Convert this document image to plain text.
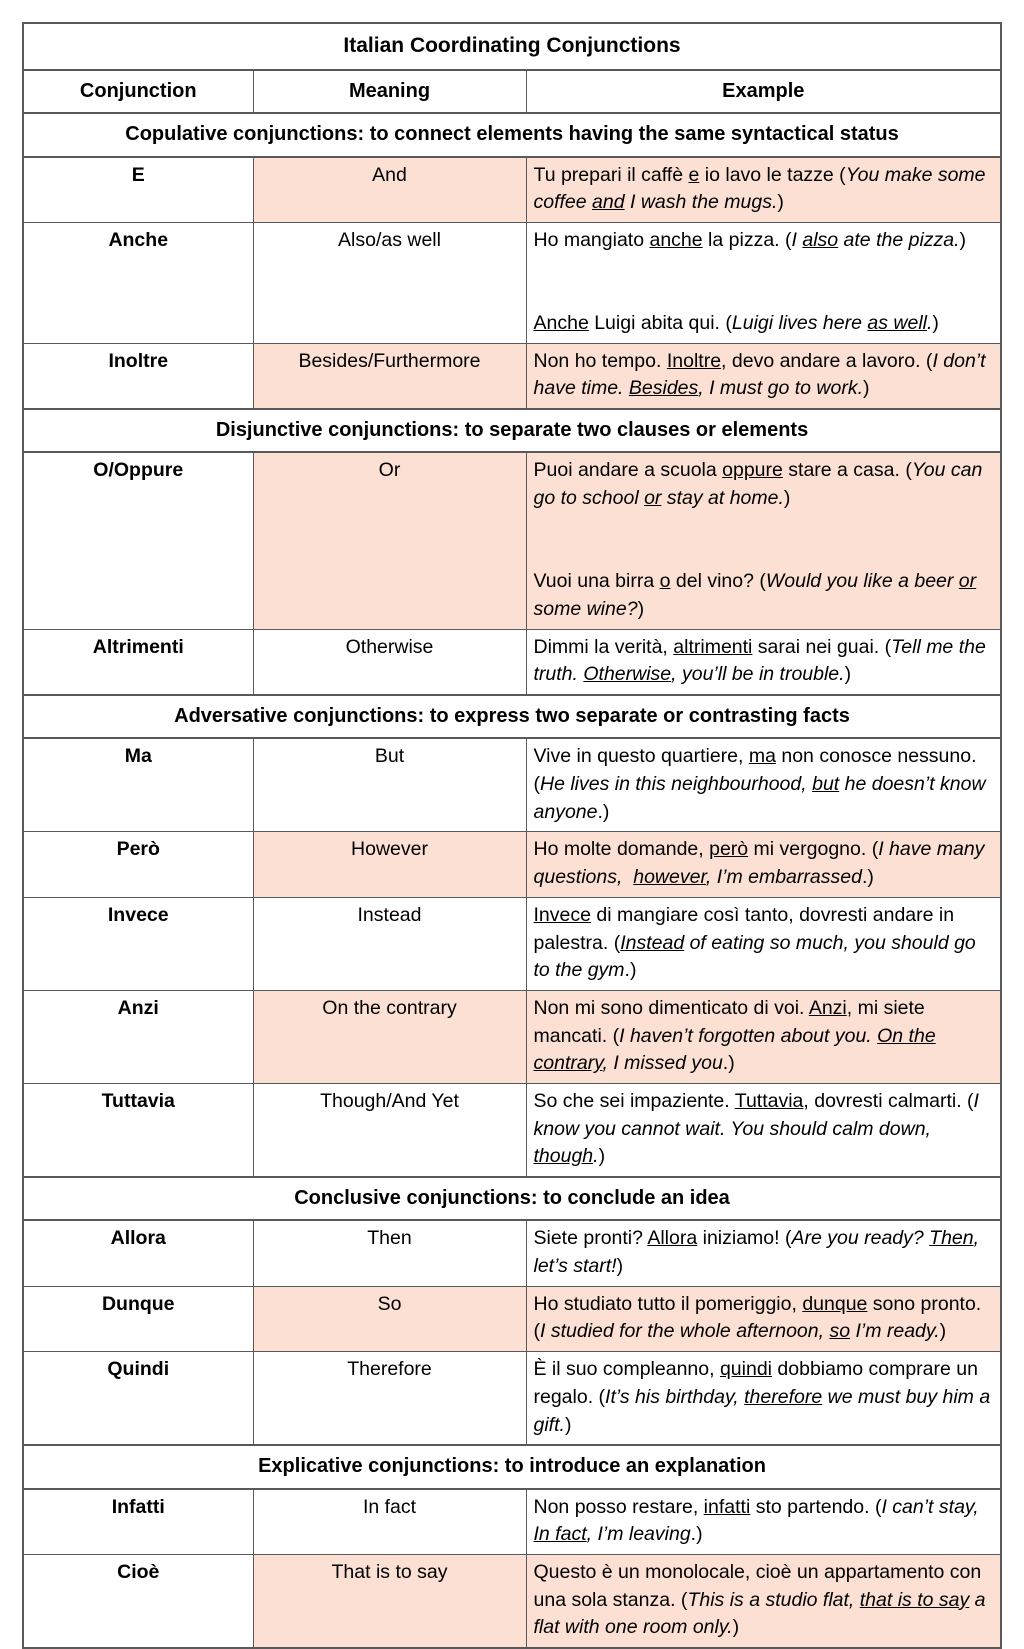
Italian Coordinating Conjunctions		
Conjunction	Meaning	Example
Copulative conjunctions: to connect elements having the same syntactical status		
E	And	Tu prepari il caffè e io lavo le tazze (You make some coffee and I wash the mugs.)
Anche	Also/as well	Ho mangiato anche la pizza. (I also ate the pizza.)
Anche Luigi abita qui. (Luigi lives here as well.)
Inoltre	Besides/Furthermore	Non ho tempo. Inoltre, devo andare a lavoro. (I don’t have time. Besides, I must go to work.)
Disjunctive conjunctions: to separate two clauses or elements		
O/Oppure	Or	Puoi andare a scuola oppure stare a casa. (You can go to school or stay at home.)
Vuoi una birra o del vino? (Would you like a beer or some wine?)
Altrimenti	Otherwise	Dimmi la verità, altrimenti sarai nei guai. (Tell me the truth. Otherwise, you’ll be in trouble.)
Adversative conjunctions: to express two separate or contrasting facts		
Ma	But	Vive in questo quartiere, ma non conosce nessuno. (He lives in this neighbourhood, but he doesn’t know anyone.)
Però	However	Ho molte domande, però mi vergogno. (I have many questions,  however, I’m embarrassed.)
Invece	Instead	Invece di mangiare così tanto, dovresti andare in palestra. (Instead of eating so much, you should go to the gym.)
Anzi	On the contrary	Non mi sono dimenticato di voi. Anzi, mi siete mancati. (I haven’t forgotten about you. On the contrary, I missed you.)
Tuttavia	Though/And Yet	So che sei impaziente. Tuttavia, dovresti calmarti. (I know you cannot wait. You should calm down, though.)
Conclusive conjunctions: to conclude an idea		
Allora	Then	Siete pronti? Allora iniziamo! (Are you ready? Then, let’s start!)
Dunque	So	Ho studiato tutto il pomeriggio, dunque sono pronto. (I studied for the whole afternoon, so I’m ready.)
Quindi	Therefore	È il suo compleanno, quindi dobbiamo comprare un regalo. (It’s his birthday, therefore we must buy him a gift.)
Explicative conjunctions: to introduce an explanation		
Infatti	In fact	Non posso restare, infatti sto partendo. (I can’t stay, In fact, I’m leaving.)
Cioè	That is to say	Questo è un monolocale, cioè un appartamento con una sola stanza. (This is a studio flat, that is to say a flat with one room only.)
